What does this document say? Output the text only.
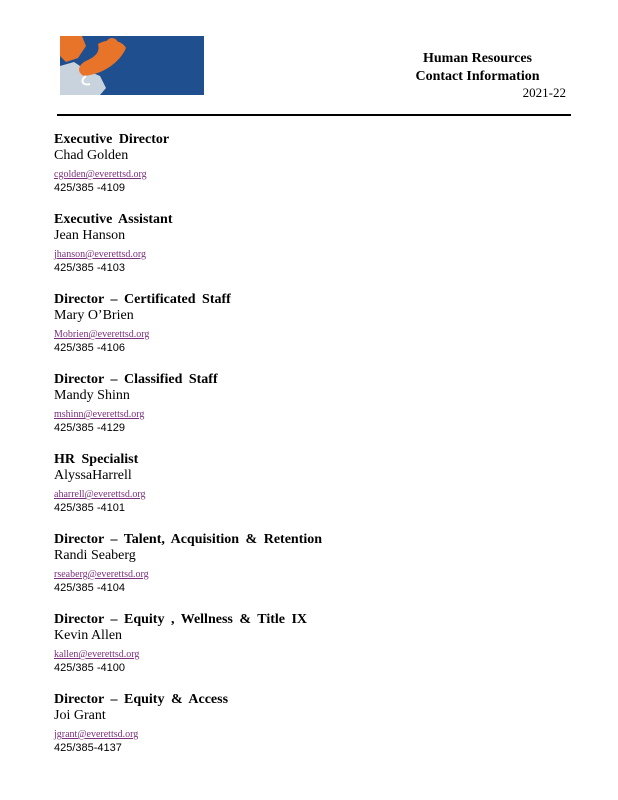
Human Resources
Contact Information
2021-22
Executive Director
Chad Golden
cgolden@everettsd.org
425/385 -4109
Executive Assistant
Jean Hanson
jhanson@everettsd.org
425/385 -4103
Director – Certificated Staff
Mary O’Brien
Mobrien@everettsd.org
425/385 -4106
Director – Classified Staff
Mandy Shinn
mshinn@everettsd.org
425/385 -4129
HR Specialist
AlyssaHarrell
aharrell@everettsd.org
425/385 -4101
Director – Talent, Acquisition & Retention
Randi Seaberg
rseaberg@everettsd.org
425/385 -4104
Director – Equity , Wellness & Title IX
Kevin Allen
kallen@everettsd.org
425/385 -4100
Director – Equity & Access
Joi Grant
jgrant@everettsd.org
425/385-4137
